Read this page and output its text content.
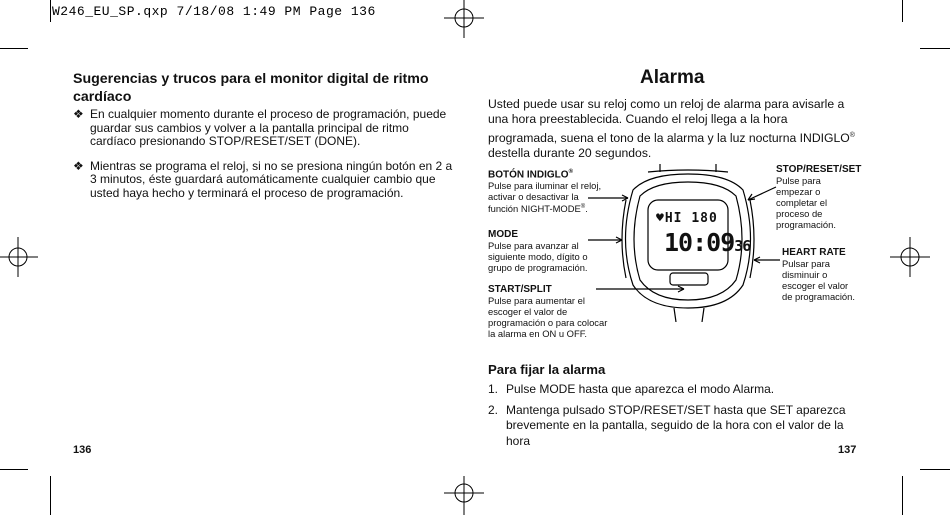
W246_EU_SP.qxp 7/18/08 1:49 PM Page 136
Sugerencias y trucos para el monitor digital de ritmo cardíaco
❖ En cualquier momento durante el proceso de programación, puede guardar sus cambios y volver a la pantalla principal de ritmo cardíaco presionando STOP/RESET/SET (DONE).
❖ Mientras se programa el reloj, si no se presiona ningún botón en 2 a 3 minutos, éste guardará automáticamente cualquier cambio que usted haya hecho y terminará el proceso de programación.
136
Alarma
Usted puede usar su reloj como un reloj de alarma para avisarle a una hora preestablecida. Cuando el reloj llega a la hora programada, suena el tono de la alarma y la luz nocturna INDIGLO® destella durante 20 segundos.
BOTÓN INDIGLO®
Pulse para iluminar el reloj, activar o desactivar la función NIGHT-MODE®.
MODE
Pulse para avanzar al siguiente modo, dígito o grupo de programación.
START/SPLIT
Pulse para aumentar el escoger el valor de programación o para colocar la alarma en ON u OFF.
STOP/RESET/SET
Pulse para empezar o completar el proceso de programación.
HEART RATE
Pulsar para disminuir o escoger el valor de programación.
♥HI 180
10:0936
Para fijar la alarma
1. Pulse MODE hasta que aparezca el modo Alarma.
2. Mantenga pulsado STOP/RESET/SET hasta que SET aparezca brevemente en la pantalla, seguido de la hora con el valor de la hora
137
